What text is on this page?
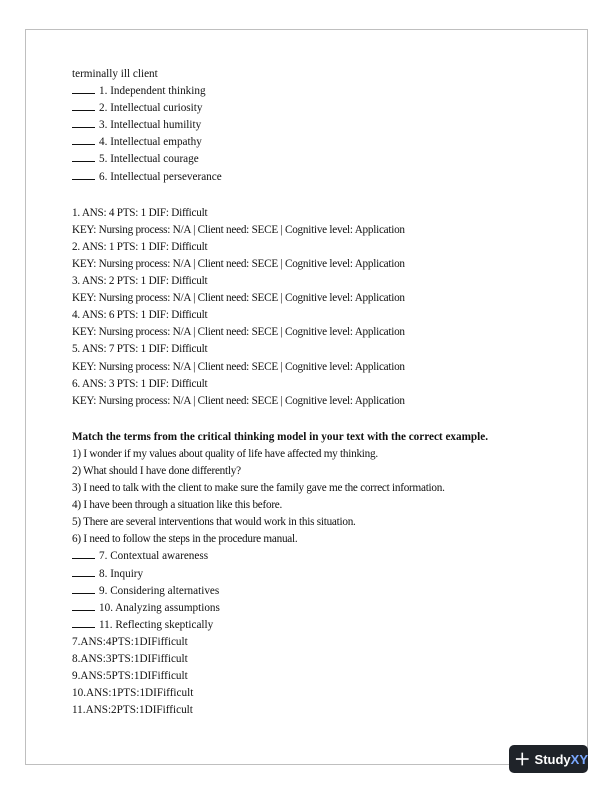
terminally ill client
1. Independent thinking
2. Intellectual curiosity
3. Intellectual humility
4. Intellectual empathy
5. Intellectual courage
6. Intellectual perseverance
1. ANS: 4 PTS: 1 DIF: Difficult
KEY: Nursing process: N/A | Client need: SECE | Cognitive level: Application
2. ANS: 1 PTS: 1 DIF: Difficult
KEY: Nursing process: N/A | Client need: SECE | Cognitive level: Application
3. ANS: 2 PTS: 1 DIF: Difficult
KEY: Nursing process: N/A | Client need: SECE | Cognitive level: Application
4. ANS: 6 PTS: 1 DIF: Difficult
KEY: Nursing process: N/A | Client need: SECE | Cognitive level: Application
5. ANS: 7 PTS: 1 DIF: Difficult
KEY: Nursing process: N/A | Client need: SECE | Cognitive level: Application
6. ANS: 3 PTS: 1 DIF: Difficult
KEY: Nursing process: N/A | Client need: SECE | Cognitive level: Application
Match the terms from the critical thinking model in your text with the correct example.
1) I wonder if my values about quality of life have affected my thinking.
2) What should I have done differently?
3) I need to talk with the client to make sure the family gave me the correct information.
4) I have been through a situation like this before.
5) There are several interventions that would work in this situation.
6) I need to follow the steps in the procedure manual.
7. Contextual awareness
8. Inquiry
9. Considering alternatives
10. Analyzing assumptions
11. Reflecting skeptically
7.ANS:4PTS:1DIFifficult
8.ANS:3PTS:1DIFifficult
9.ANS:5PTS:1DIFifficult
10.ANS:1PTS:1DIFifficult
11.ANS:2PTS:1DIFifficult
StudyXY
